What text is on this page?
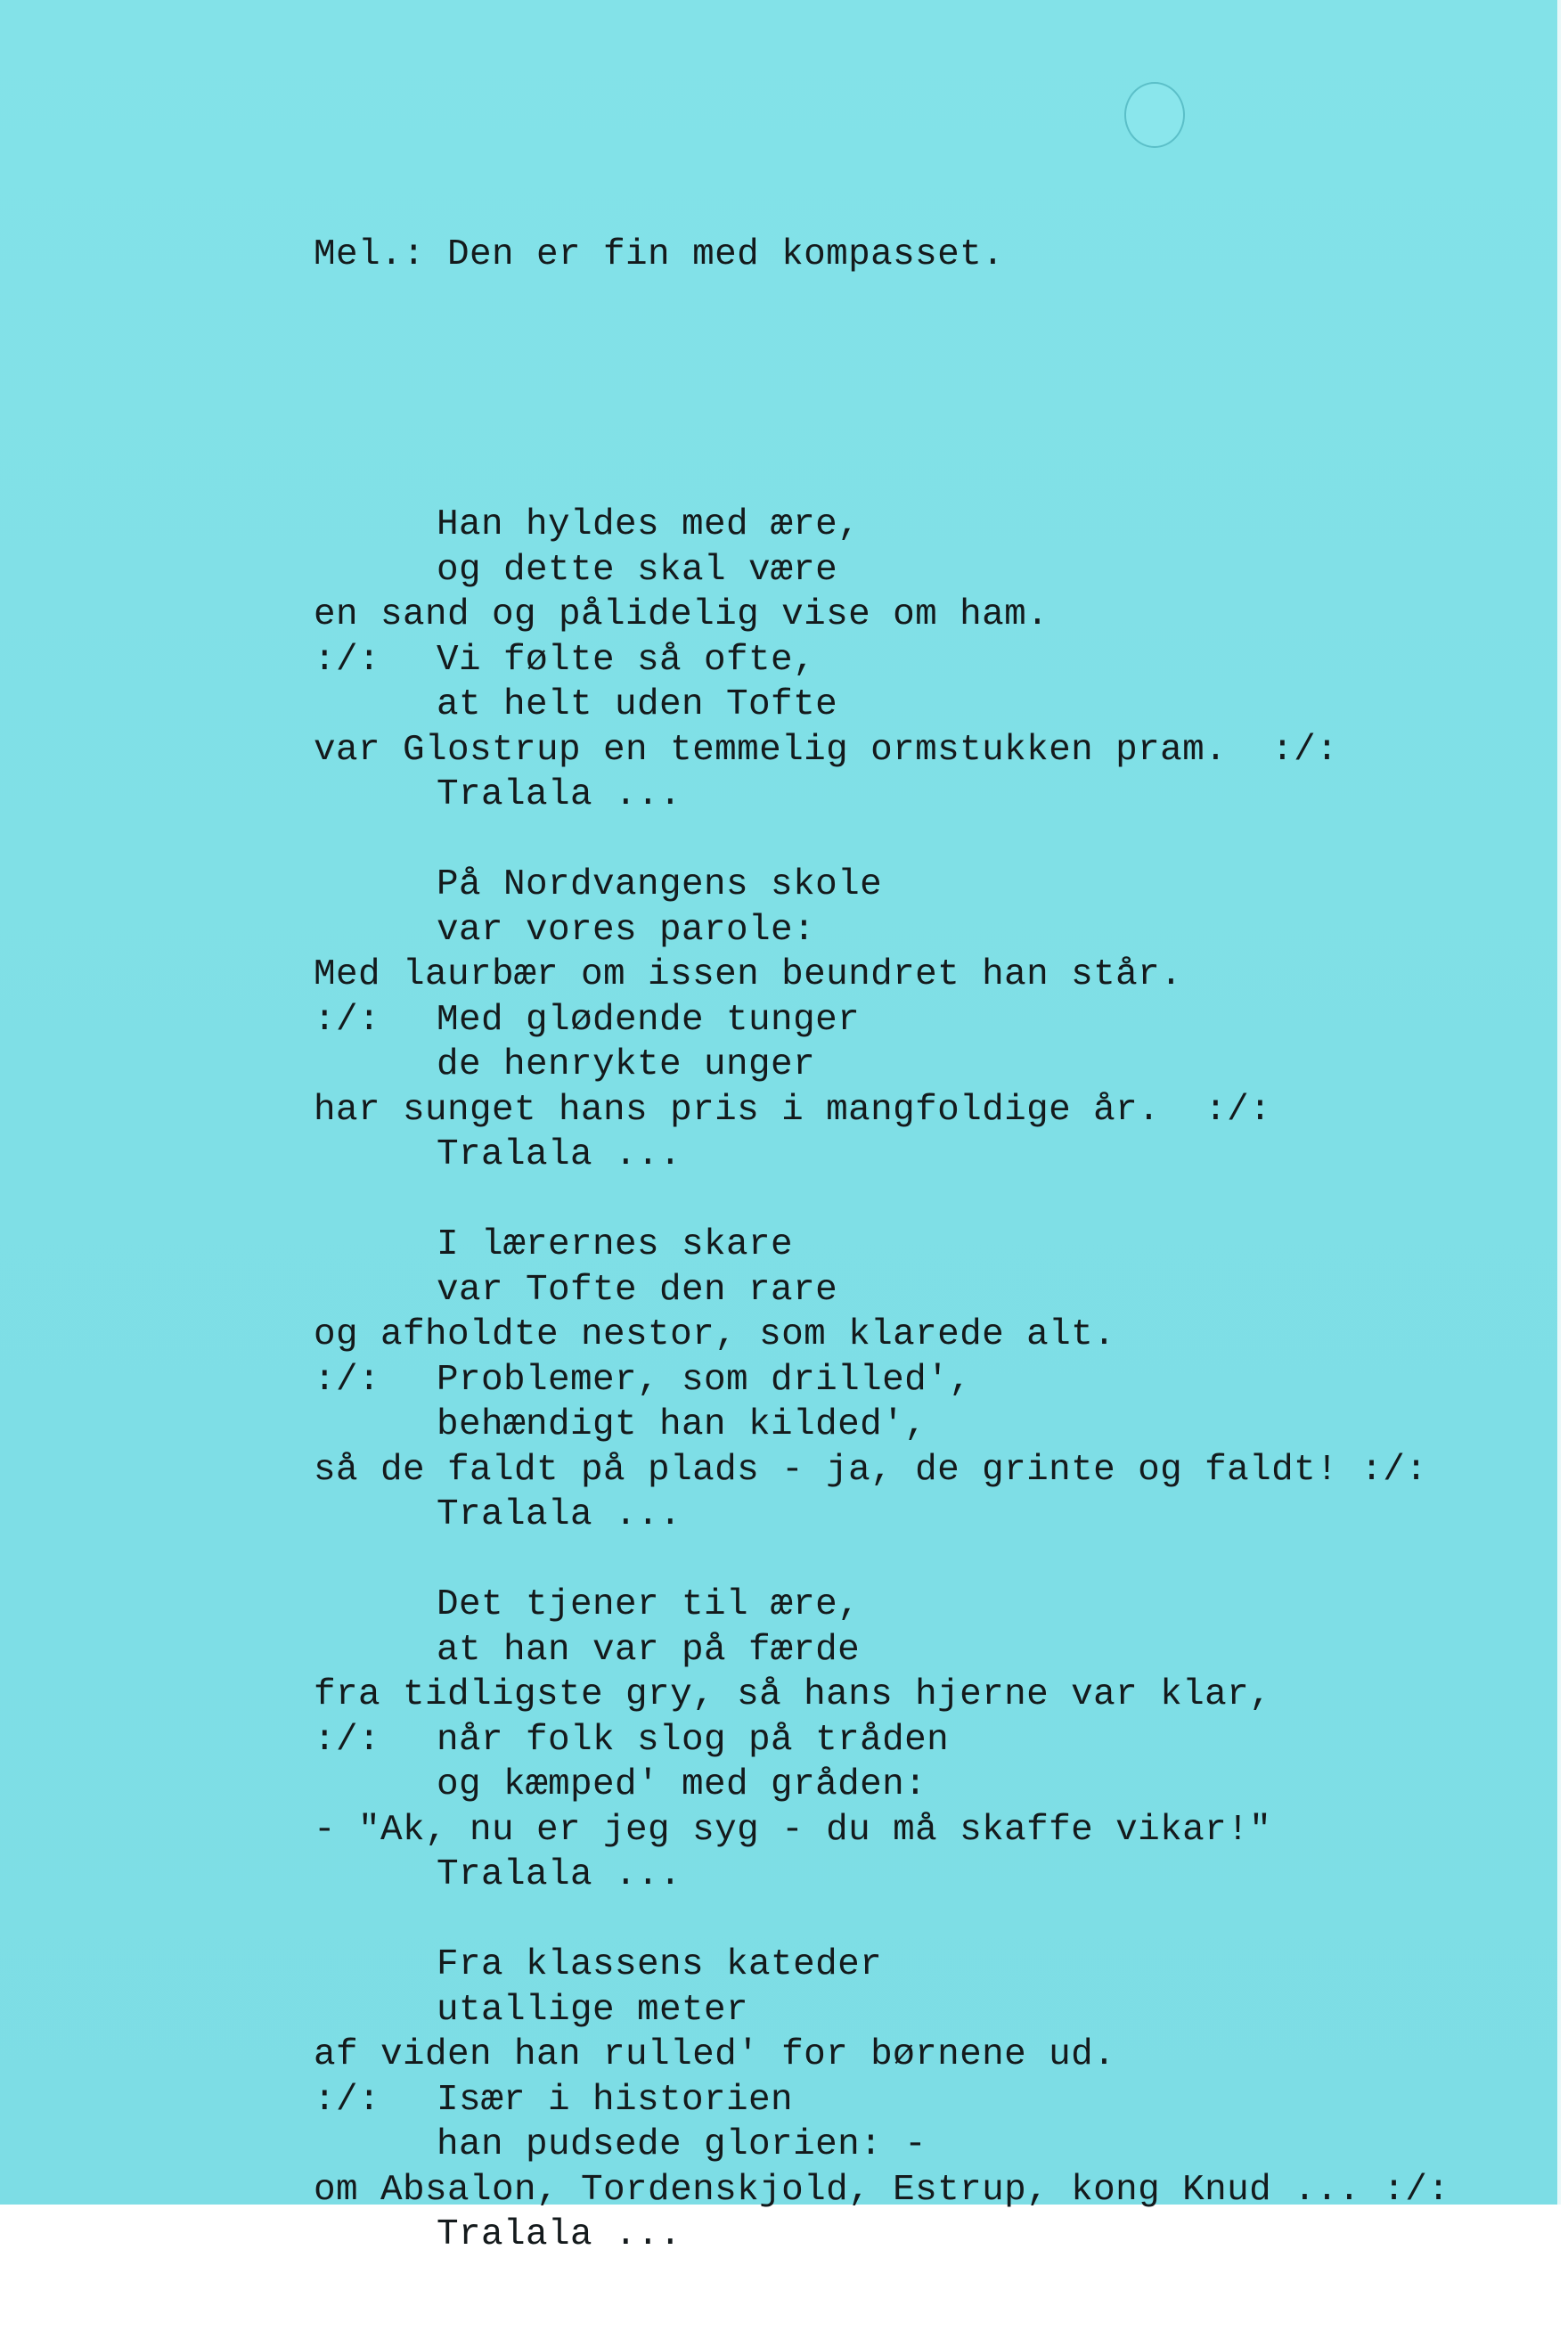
Mel.: Den er fin med kompasset.

Han hyldes med ære,
og dette skal være
en sand og pålidelig vise om ham.
:/: Vi følte så ofte,
at helt uden Tofte
var Glostrup en temmelig ormstukken pram.  :/:
Tralala ...
På Nordvangens skole
var vores parole:
Med laurbær om issen beundret han står.
:/: Med glødende tunger
de henrykte unger
har sunget hans pris i mangfoldige år.  :/:
Tralala ...
I lærernes skare
var Tofte den rare
og afholdte nestor, som klarede alt.
:/: Problemer, som drilled',
behændigt han kilded',
så de faldt på plads - ja, de grinte og faldt! :/:
Tralala ...
Det tjener til ære,
at han var på færde
fra tidligste gry, så hans hjerne var klar,
:/: når folk slog på tråden
og kæmped' med gråden:
- "Ak, nu er jeg syg - du må skaffe vikar!"
Tralala ...
Fra klassens kateder
utallige meter
af viden han rulled' for børnene ud.
:/: Især i historien
han pudsede glorien: -
om Absalon, Tordenskjold, Estrup, kong Knud ... :/:
Tralala ...
